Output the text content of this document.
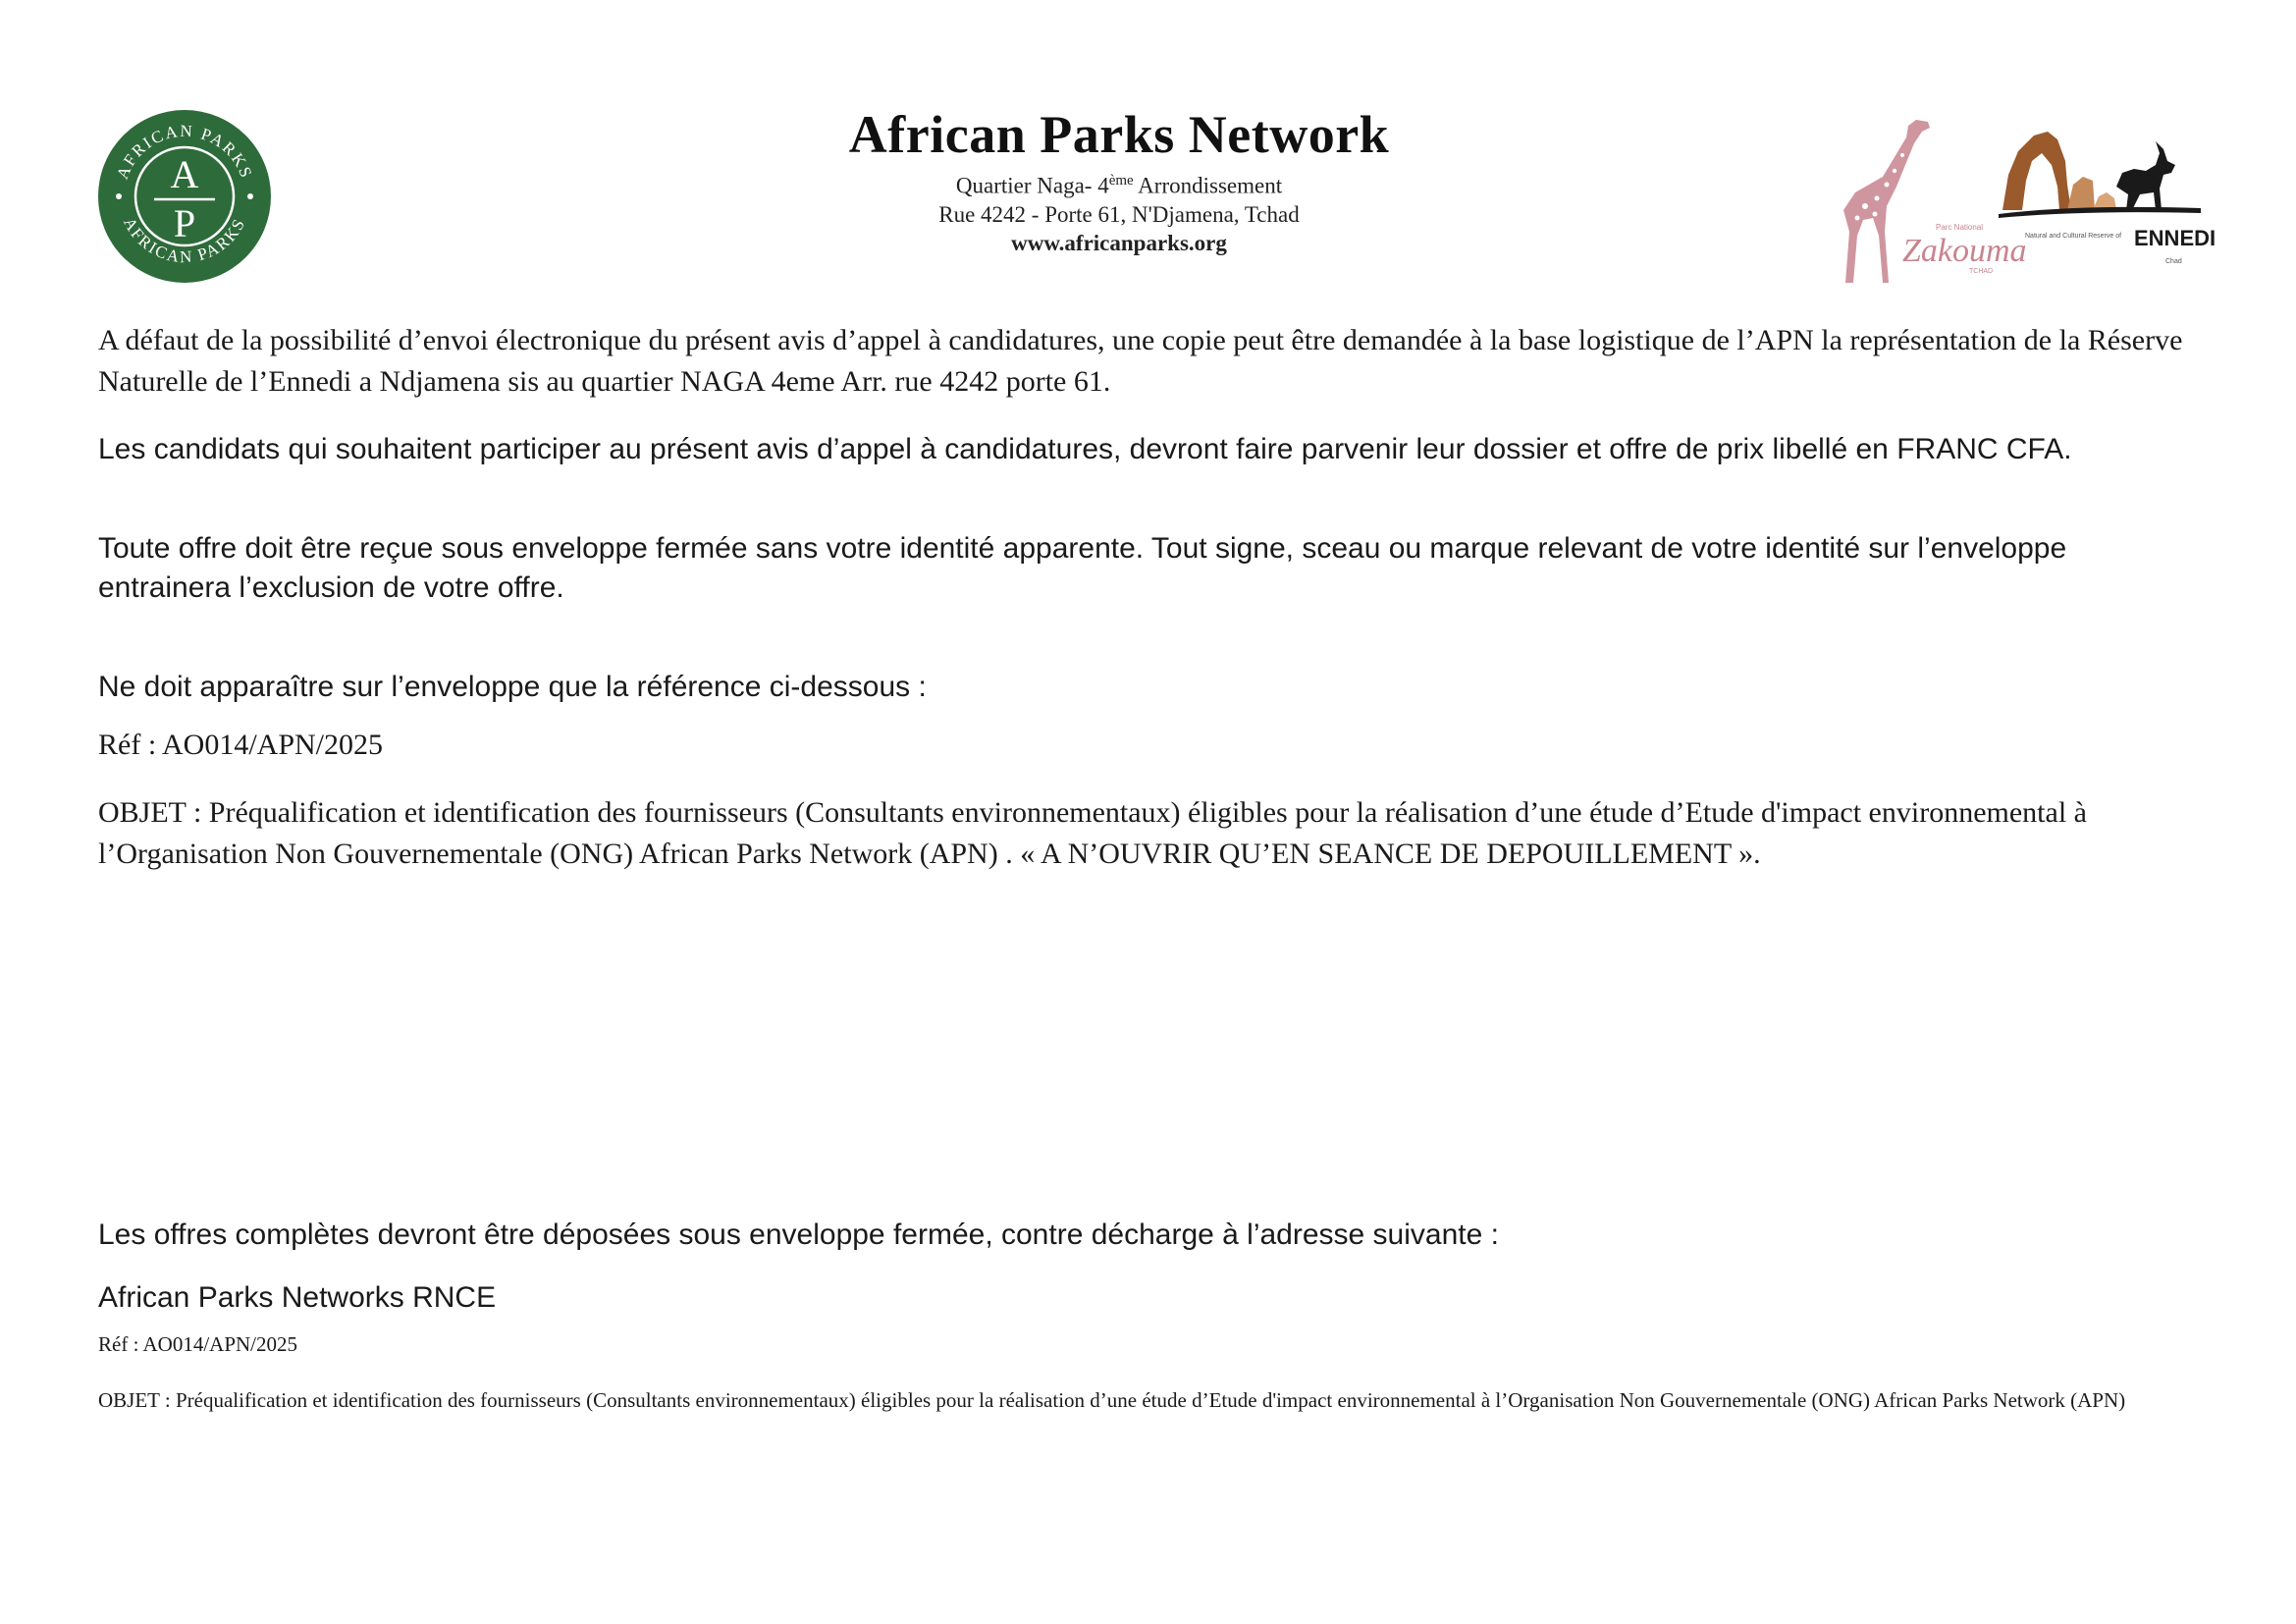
AFRICAN PARKS
AFRICAN PARKS
A
P
African Parks Network
Quartier Naga- 4ème Arrondissement
Rue 4242 - Porte 61, N'Djamena, Tchad
www.africanparks.org	Zakouma
Parc National
TCHAD
Natural and Cultural Reserve of ENNEDI
Chad

A défaut de la possibilité d’envoi électronique du présent avis d’appel à candidatures, une copie peut être demandée à la base logistique de l’APN la représentation de la Réserve Naturelle de l’Ennedi a Ndjamena sis au quartier NAGA 4eme Arr. rue 4242 porte 61.

Les candidats qui souhaitent participer au présent avis d’appel à candidatures, devront faire parvenir leur dossier et offre de prix libellé en FRANC CFA.

Toute offre doit être reçue sous enveloppe fermée sans votre identité apparente. Tout signe, sceau ou marque relevant de votre identité sur l’enveloppe entrainera l’exclusion de votre offre.

Ne doit apparaître sur l’enveloppe que la référence ci-dessous :

Réf : AO014/APN/2025

OBJET : Préqualification et identification des fournisseurs (Consultants environnementaux) éligibles pour la réalisation d’une étude d’Etude d'impact environnemental à l’Organisation Non Gouvernementale (ONG) African Parks Network (APN) . « A N’OUVRIR QU’EN SEANCE DE DEPOUILLEMENT ».

Les offres complètes devront être déposées sous enveloppe fermée, contre décharge à l’adresse suivante :

African Parks Networks RNCE

Réf : AO014/APN/2025

OBJET : Préqualification et identification des fournisseurs (Consultants environnementaux) éligibles pour la réalisation d’une étude d’Etude d'impact environnemental à l’Organisation Non Gouvernementale (ONG) African Parks Network (APN)
